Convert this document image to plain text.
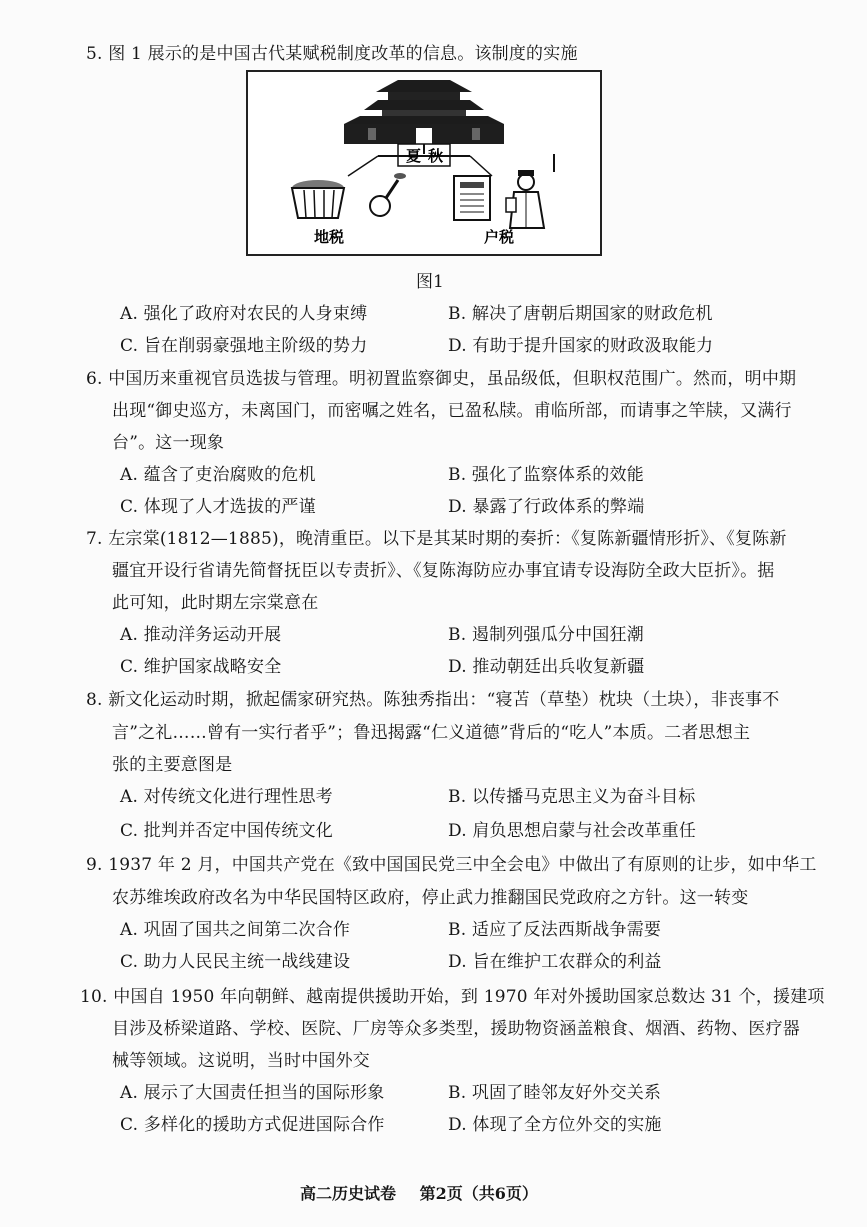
5. 图 1 展示的是中国古代某赋税制度改革的信息。该制度的实施
夏 秋
地税	户税
图1
A. 强化了政府对农民的人身束缚	B. 解决了唐朝后期国家的财政危机
C. 旨在削弱豪强地主阶级的势力	D. 有助于提升国家的财政汲取能力
6. 中国历来重视官员选拔与管理。明初置监察御史，虽品级低，但职权范围广。然而，明中期
出现“御史巡方，未离国门，而密嘱之姓名，已盈私牍。甫临所部，而请事之竿牍，又满行
台”。这一现象
A. 蕴含了吏治腐败的危机	B. 强化了监察体系的效能
C. 体现了人才选拔的严谨	D. 暴露了行政体系的弊端
7. 左宗棠(1812—1885)，晚清重臣。以下是其某时期的奏折：《复陈新疆情形折》、《复陈新
疆宜开设行省请先简督抚臣以专责折》、《复陈海防应办事宜请专设海防全政大臣折》。据
此可知，此时期左宗棠意在
A. 推动洋务运动开展	B. 遏制列强瓜分中国狂潮
C. 维护国家战略安全	D. 推动朝廷出兵收复新疆
8. 新文化运动时期，掀起儒家研究热。陈独秀指出：“寝苫（草垫）枕块（土块），非丧事不
言”之礼……曾有一实行者乎”；鲁迅揭露“仁义道德”背后的“吃人”本质。二者思想主
张的主要意图是
A. 对传统文化进行理性思考	B. 以传播马克思主义为奋斗目标
C. 批判并否定中国传统文化	D. 肩负思想启蒙与社会改革重任
9. 1937 年 2 月，中国共产党在《致中国国民党三中全会电》中做出了有原则的让步，如中华工
农苏维埃政府改名为中华民国特区政府，停止武力推翻国民党政府之方针。这一转变
A. 巩固了国共之间第二次合作	B. 适应了反法西斯战争需要
C. 助力人民民主统一战线建设	D. 旨在维护工农群众的利益
10. 中国自 1950 年向朝鲜、越南提供援助开始，到 1970 年对外援助国家总数达 31 个，援建项
目涉及桥梁道路、学校、医院、厂房等众多类型，援助物资涵盖粮食、烟酒、药物、医疗器
械等领域。这说明，当时中国外交
A. 展示了大国责任担当的国际形象	B. 巩固了睦邻友好外交关系
C. 多样化的援助方式促进国际合作	D. 体现了全方位外交的实施
高二历史试卷 第2页（共6页）
